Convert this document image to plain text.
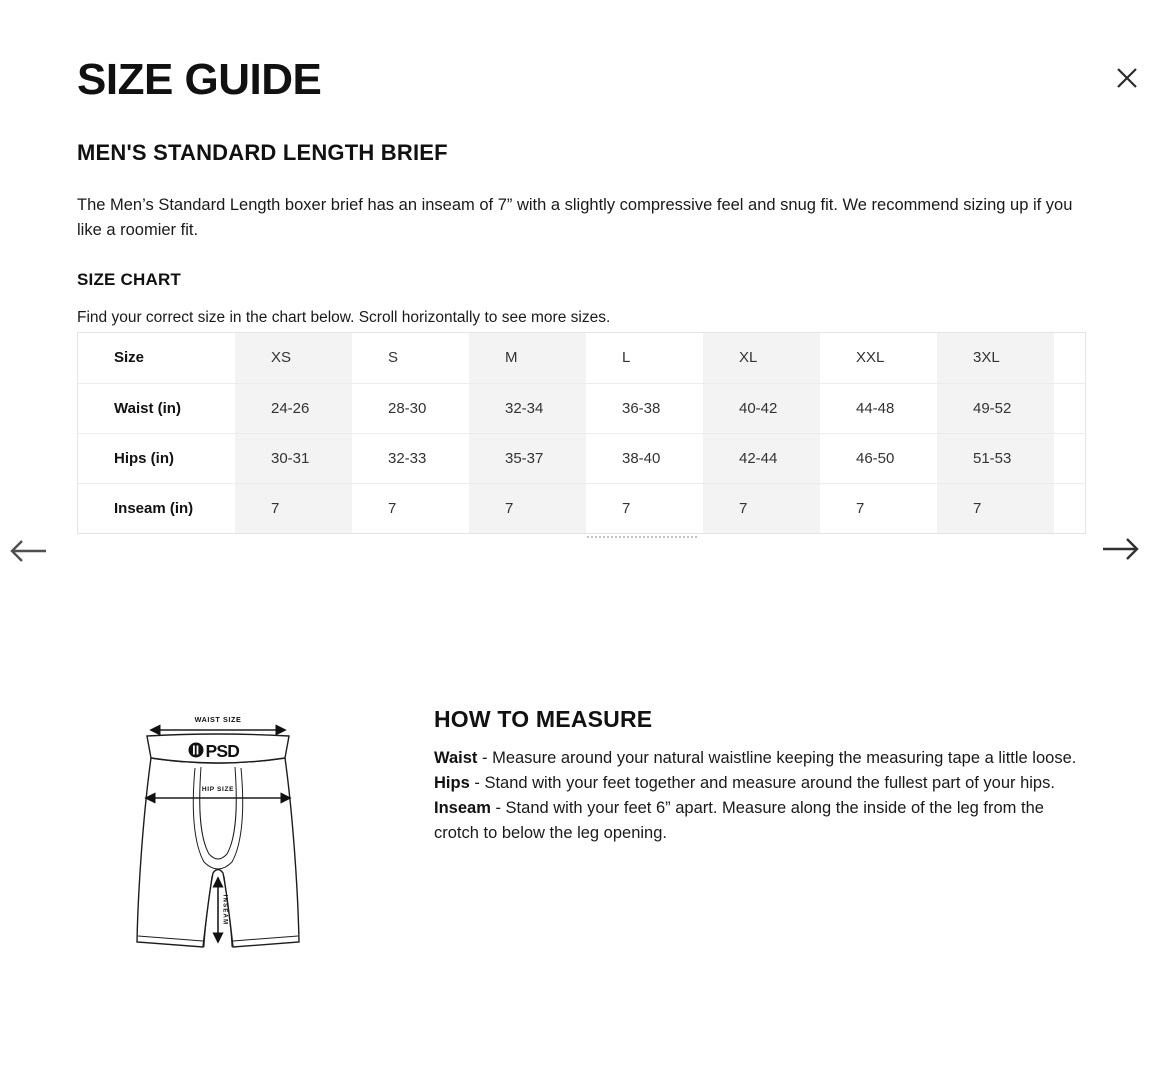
SIZE GUIDE
MEN'S STANDARD LENGTH BRIEF

The Men’s Standard Length boxer brief has an inseam of 7” with a slightly compressive feel and snug fit. We recommend sizing up if you like a roomier fit.

SIZE CHART

Find your correct size in the chart below. Scroll horizontally to see more sizes.

Size	XS	S	M	L	XL	XXL	3XL	
Waist (in)	24-26	28-30	32-34	36-38	40-42	44-48	49-52	
Hips (in)	30-31	32-33	35-37	38-40	42-44	46-50	51-53	
Inseam (in)	7	7	7	7	7	7	7	
PSD
WAIST SIZE
HIP SIZE
INSEAM
HOW TO MEASURE

Waist - Measure around your natural waistline keeping the measuring tape a little loose.

Hips - Stand with your feet together and measure around the fullest part of your hips.

Inseam - Stand with your feet 6” apart. Measure along the inside of the leg from the crotch to below the leg opening.
